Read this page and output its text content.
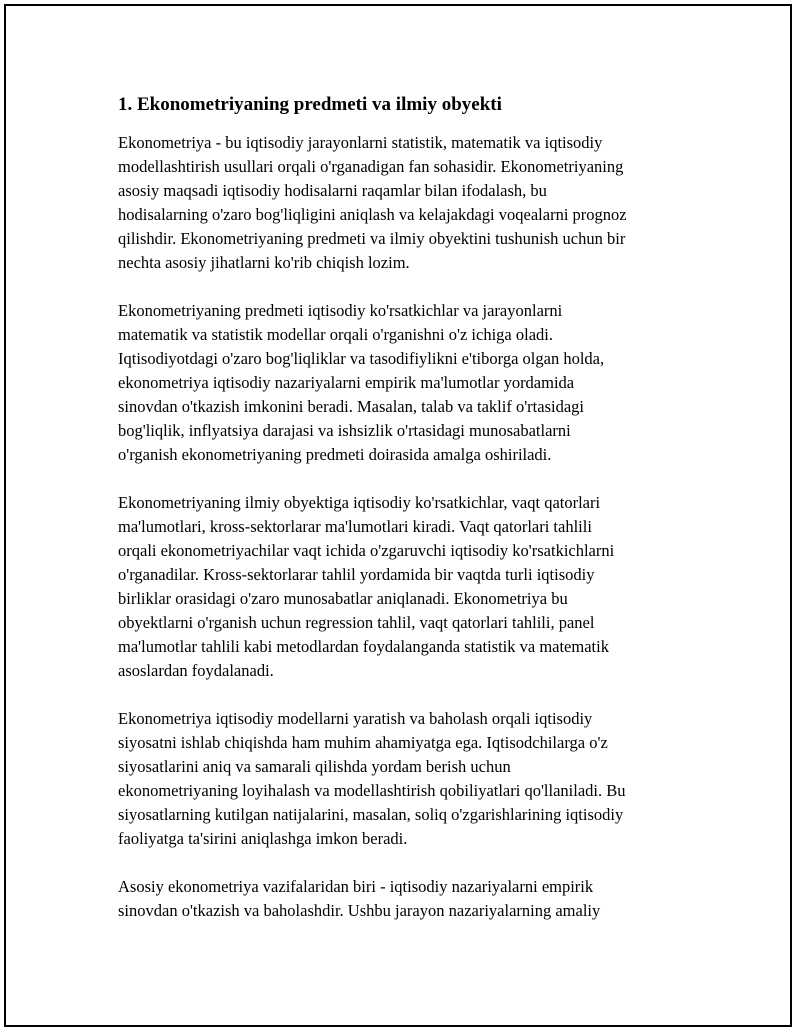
1. Ekonometriyaning predmeti va ilmiy obyekti

Ekonometriya - bu iqtisodiy jarayonlarni statistik, matematik va iqtisodiy
modellashtirish usullari orqali o'rganadigan fan sohasidir. Ekonometriyaning
asosiy maqsadi iqtisodiy hodisalarni raqamlar bilan ifodalash, bu
hodisalarning o'zaro bog'liqligini aniqlash va kelajakdagi voqealarni prognoz
qilishdir. Ekonometriyaning predmeti va ilmiy obyektini tushunish uchun bir
nechta asosiy jihatlarni ko'rib chiqish lozim.

Ekonometriyaning predmeti iqtisodiy ko'rsatkichlar va jarayonlarni
matematik va statistik modellar orqali o'rganishni o'z ichiga oladi.
Iqtisodiyotdagi o'zaro bog'liqliklar va tasodifiylikni e'tiborga olgan holda,
ekonometriya iqtisodiy nazariyalarni empirik ma'lumotlar yordamida
sinovdan o'tkazish imkonini beradi. Masalan, talab va taklif o'rtasidagi
bog'liqlik, inflyatsiya darajasi va ishsizlik o'rtasidagi munosabatlarni
o'rganish ekonometriyaning predmeti doirasida amalga oshiriladi.

Ekonometriyaning ilmiy obyektiga iqtisodiy ko'rsatkichlar, vaqt qatorlari
ma'lumotlari, kross-sektorlarar ma'lumotlari kiradi. Vaqt qatorlari tahlili
orqali ekonometriyachilar vaqt ichida o'zgaruvchi iqtisodiy ko'rsatkichlarni
o'rganadilar. Kross-sektorlarar tahlil yordamida bir vaqtda turli iqtisodiy
birliklar orasidagi o'zaro munosabatlar aniqlanadi. Ekonometriya bu
obyektlarni o'rganish uchun regression tahlil, vaqt qatorlari tahlili, panel
ma'lumotlar tahlili kabi metodlardan foydalanganda statistik va matematik
asoslardan foydalanadi.

Ekonometriya iqtisodiy modellarni yaratish va baholash orqali iqtisodiy
siyosatni ishlab chiqishda ham muhim ahamiyatga ega. Iqtisodchilarga o'z
siyosatlarini aniq va samarali qilishda yordam berish uchun
ekonometriyaning loyihalash va modellashtirish qobiliyatlari qo'llaniladi. Bu
siyosatlarning kutilgan natijalarini, masalan, soliq o'zgarishlarining iqtisodiy
faoliyatga ta'sirini aniqlashga imkon beradi.

Asosiy ekonometriya vazifalaridan biri - iqtisodiy nazariyalarni empirik
sinovdan o'tkazish va baholashdir. Ushbu jarayon nazariyalarning amaliy
